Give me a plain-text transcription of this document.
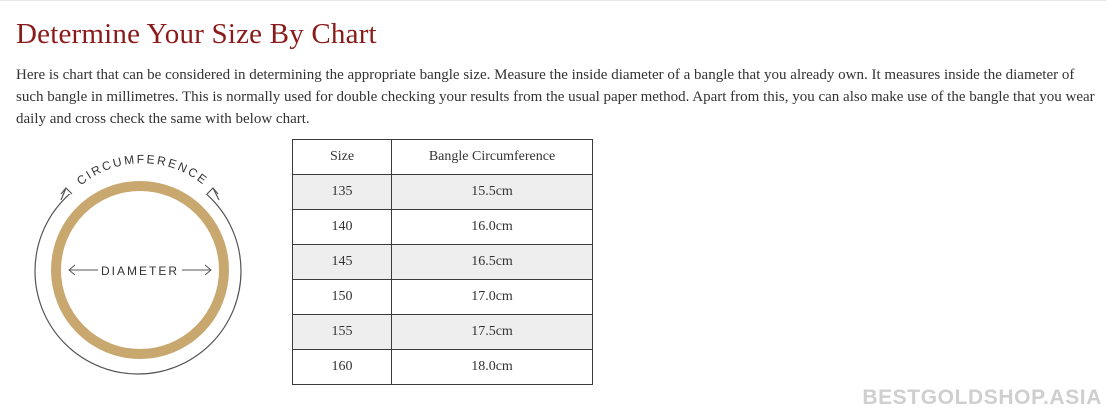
Determine Your Size By Chart

Here is chart that can be considered in determining the appropriate bangle size. Measure the inside diameter of a bangle that you already own. It measures inside the diameter of such bangle in millimetres. This is normally used for double checking your results from the usual paper method. Apart from this, you can also make use of the bangle that you wear daily and cross check the same with below chart.

CIRCUMFERENCE
DIAMETER
Size	Bangle Circumference
135	15.5cm
140	16.0cm
145	16.5cm
150	17.0cm
155	17.5cm
160	18.0cm
BESTGOLDSHOP.ASIA
